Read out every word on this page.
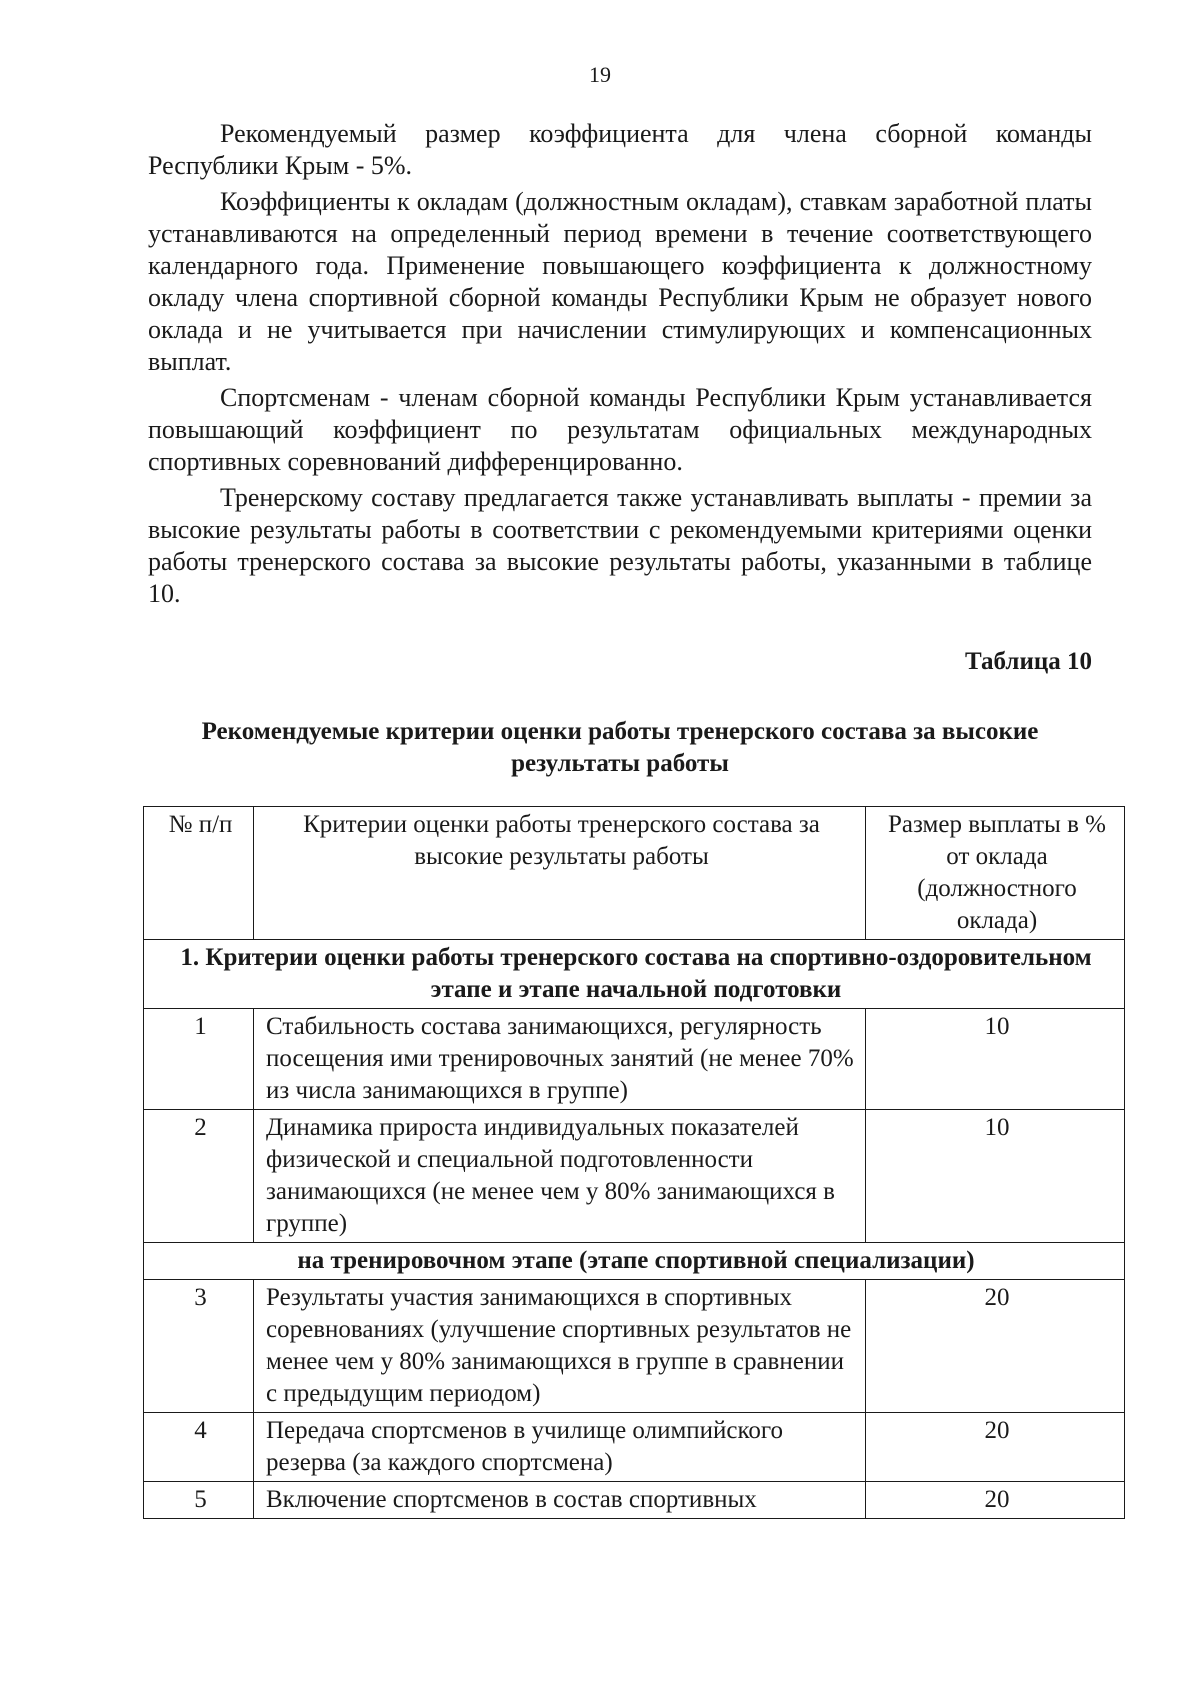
19

Рекомендуемый размер коэффициента для члена сборной команды Республики Крым - 5%.

Коэффициенты к окладам (должностным окладам), ставкам заработной платы устанавливаются на определенный период времени в течение соответствующего календарного года. Применение повышающего коэффициента к должностному окладу члена спортивной сборной команды Республики Крым не образует нового оклада и не учитывается при начислении стимулирующих и компенсационных выплат.

Спортсменам - членам сборной команды Республики Крым устанавливается повышающий коэффициент по результатам официальных международных спортивных соревнований дифференцированно.

Тренерскому составу предлагается также устанавливать выплаты - премии за высокие результаты работы в соответствии с рекомендуемыми критериями оценки работы тренерского состава за высокие результаты работы, указанными в таблице 10.

Таблица 10
Рекомендуемые критерии оценки работы тренерского состава за высокие результаты работы
№ п/п	Критерии оценки работы тренерского состава за высокие результаты работы	Размер выплаты в % от оклада (должностного оклада)
1. Критерии оценки работы тренерского состава на спортивно-оздоровительном этапе и этапе начальной подготовки		
1	Стабильность состава занимающихся, регулярность посещения ими тренировочных занятий (не менее 70% из числа занимающихся в группе)	10
2	Динамика прироста индивидуальных показателей физической и специальной подготовленности занимающихся (не менее чем у 80% занимающихся в группе)	10
на тренировочном этапе (этапе спортивной специализации)		
3	Результаты участия занимающихся в спортивных соревнованиях (улучшение спортивных результатов не менее чем у 80% занимающихся в группе в сравнении с предыдущим периодом)	20
4	Передача спортсменов в училище олимпийского резерва (за каждого спортсмена)	20
5	Включение спортсменов в состав спортивных	20
